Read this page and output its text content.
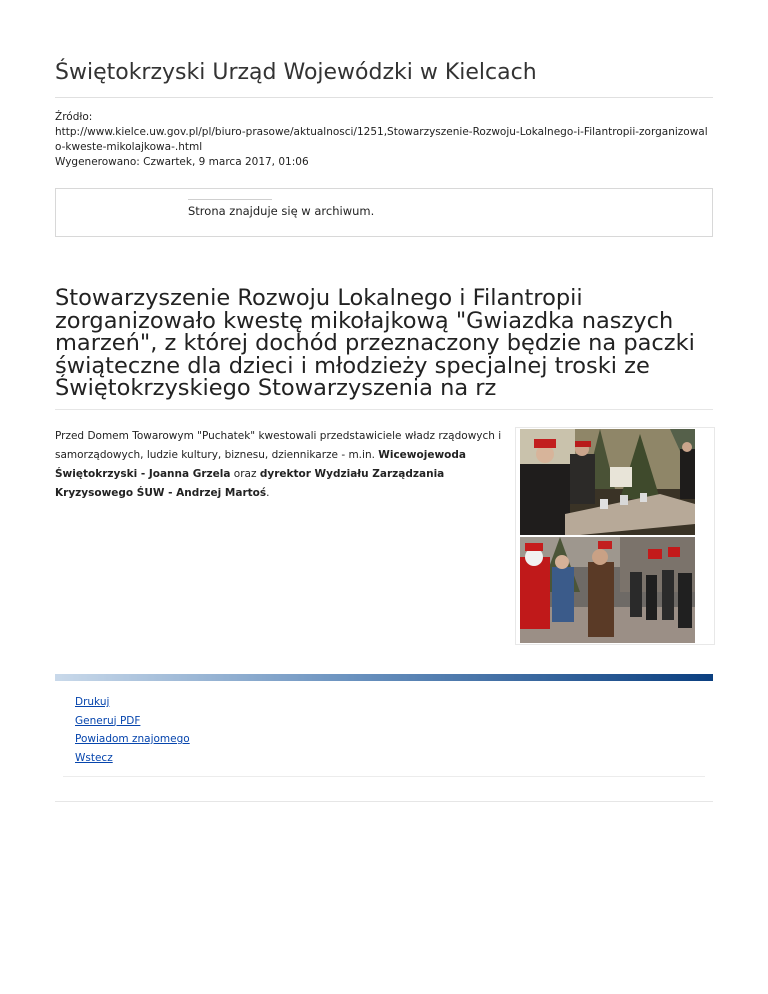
Świętokrzyski Urząd Wojewódzki w Kielcach
Źródło:
http://www.kielce.uw.gov.pl/pl/biuro-prasowe/aktualnosci/1251,Stowarzyszenie-Rozwoju-Lokalnego-i-Filantropii-zorganizowal
o-kweste-mikolajkowa-.html
Wygenerowano: Czwartek, 9 marca 2017, 01:06
Strona znajduje się w archiwum.
Stowarzyszenie Rozwoju Lokalnego i Filantropii zorganizowało kwestę mikołajkową "Gwiazdka naszych marzeń", z której dochód przeznaczony będzie na paczki świąteczne dla dzieci i młodzieży specjalnej troski ze Świętokrzyskiego Stowarzyszenia na rz
Przed Domem Towarowym "Puchatek" kwestowali przedstawiciele władz rządowych i samorządowych, ludzie kultury, biznesu, dziennikarze - m.in. Wicewojewoda Świętokrzyski - Joanna Grzela oraz dyrektor Wydziału Zarządzania Kryzysowego ŚUW - Andrzej Martoś.
Drukuj
Generuj PDF
Powiadom znajomego
Wstecz
